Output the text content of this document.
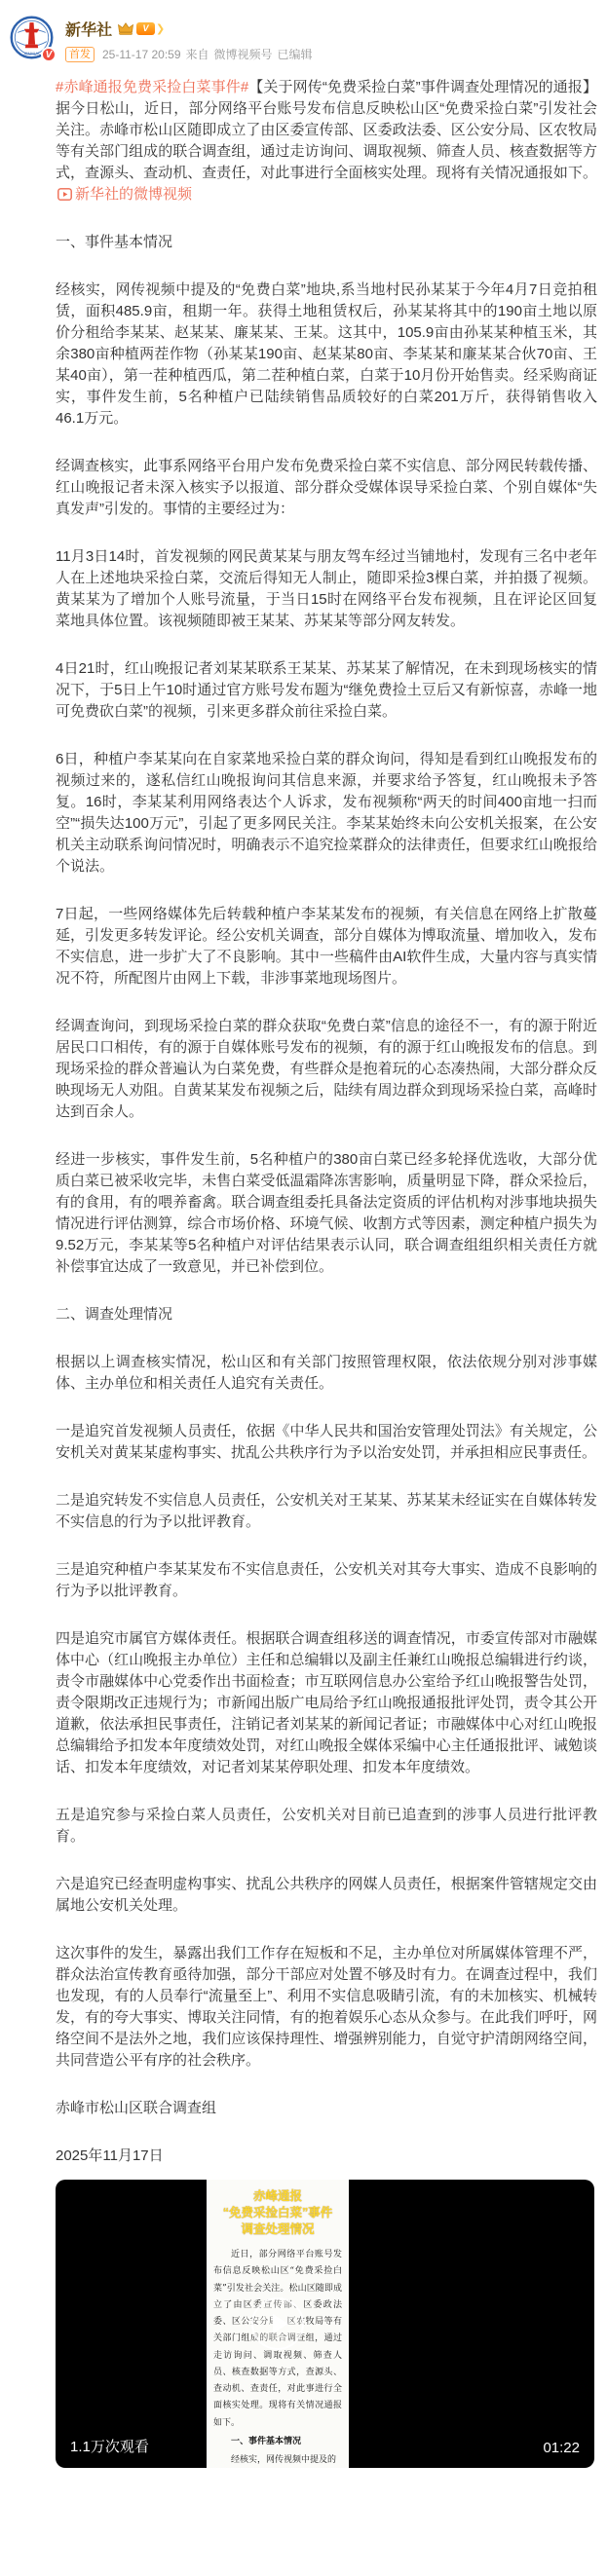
XINHUA V
新华社	V ❯
首发	25-11-17 20:59 来自 微博视频号 已编辑

#赤峰通报免费采捡白菜事件#【关于网传“免费采捡白菜”事件调查处理情况的通报】据今日松山，近日，部分网络平台账号发布信息反映松山区“免费采捡白菜”引发社会关注。赤峰市松山区随即成立了由区委宣传部、区委政法委、区公安分局、区农牧局等有关部门组成的联合调查组，通过走访询问、调取视频、筛查人员、核查数据等方式，查源头、查动机、查责任，对此事进行全面核实处理。现将有关情况通报如下。新华社的微博视频

一、事件基本情况

经核实，网传视频中提及的“免费白菜”地块,系当地村民孙某某于今年4月7日竞拍租赁，面积485.9亩，租期一年。获得土地租赁权后，孙某某将其中的190亩土地以原价分租给李某某、赵某某、廉某某、王某。这其中，105.9亩由孙某某种植玉米，其余380亩种植两茬作物（孙某某190亩、赵某某80亩、李某某和廉某某合伙70亩、王某40亩），第一茬种植西瓜，第二茬种植白菜，白菜于10月份开始售卖。经采购商证实，事件发生前，5名种植户已陆续销售品质较好的白菜201万斤，获得销售收入46.1万元。

经调查核实，此事系网络平台用户发布免费采捡白菜不实信息、部分网民转载传播、红山晚报记者未深入核实予以报道、部分群众受媒体误导采捡白菜、个别自媒体“失真发声”引发的。事情的主要经过为：

11月3日14时，首发视频的网民黄某某与朋友驾车经过当铺地村，发现有三名中老年人在上述地块采捡白菜，交流后得知无人制止，随即采捡3棵白菜，并拍摄了视频。黄某某为了增加个人账号流量，于当日15时在网络平台发布视频，且在评论区回复菜地具体位置。该视频随即被王某某、苏某某等部分网友转发。

4日21时，红山晚报记者刘某某联系王某某、苏某某了解情况，在未到现场核实的情况下，于5日上午10时通过官方账号发布题为“继免费捡土豆后又有新惊喜，赤峰一地可免费砍白菜”的视频，引来更多群众前往采捡白菜。

6日，种植户李某某向在自家菜地采捡白菜的群众询问，得知是看到红山晚报发布的视频过来的，遂私信红山晚报询问其信息来源，并要求给予答复，红山晚报未予答复。16时，李某某利用网络表达个人诉求，发布视频称“两天的时间400亩地一扫而空”“损失达100万元”，引起了更多网民关注。李某某始终未向公安机关报案，在公安机关主动联系询问情况时，明确表示不追究捡菜群众的法律责任，但要求红山晚报给个说法。

7日起，一些网络媒体先后转载种植户李某某发布的视频，有关信息在网络上扩散蔓延，引发更多转发评论。经公安机关调查，部分自媒体为博取流量、增加收入，发布不实信息，进一步扩大了不良影响。其中一些稿件由AI软件生成，大量内容与真实情况不符，所配图片由网上下载，非涉事菜地现场图片。

经调查询问，到现场采捡白菜的群众获取“免费白菜”信息的途径不一，有的源于附近居民口口相传，有的源于自媒体账号发布的视频，有的源于红山晚报发布的信息。到现场采捡的群众普遍认为白菜免费，有些群众是抱着玩的心态凑热闹，大部分群众反映现场无人劝阻。自黄某某发布视频之后，陆续有周边群众到现场采捡白菜，高峰时达到百余人。

经进一步核实，事件发生前，5名种植户的380亩白菜已经多轮择优选收，大部分优质白菜已被采收完毕，未售白菜受低温霜降冻害影响，质量明显下降，群众采捡后，有的食用，有的喂养畜禽。联合调查组委托具备法定资质的评估机构对涉事地块损失情况进行评估测算，综合市场价格、环境气候、收割方式等因素，测定种植户损失为9.52万元，李某某等5名种植户对评估结果表示认同，联合调查组组织相关责任方就补偿事宜达成了一致意见，并已补偿到位。

二、调查处理情况

根据以上调查核实情况，松山区和有关部门按照管理权限，依法依规分别对涉事媒体、主办单位和相关责任人追究有关责任。

一是追究首发视频人员责任，依据《中华人民共和国治安管理处罚法》有关规定，公安机关对黄某某虚构事实、扰乱公共秩序行为予以治安处罚，并承担相应民事责任。

二是追究转发不实信息人员责任，公安机关对王某某、苏某某未经证实在自媒体转发不实信息的行为予以批评教育。

三是追究种植户李某某发布不实信息责任，公安机关对其夸大事实、造成不良影响的行为予以批评教育。

四是追究市属官方媒体责任。根据联合调查组移送的调查情况，市委宣传部对市融媒体中心（红山晚报主办单位）主任和总编辑以及副主任兼红山晚报总编辑进行约谈，责令市融媒体中心党委作出书面检查；市互联网信息办公室给予红山晚报警告处罚，责令限期改正违规行为；市新闻出版广电局给予红山晚报通报批评处罚，责令其公开道歉，依法承担民事责任，注销记者刘某某的新闻记者证；市融媒体中心对红山晚报总编辑给予扣发本年度绩效处罚，对红山晚报全媒体采编中心主任通报批评、诫勉谈话、扣发本年度绩效，对记者刘某某停职处理、扣发本年度绩效。

五是追究参与采捡白菜人员责任，公安机关对目前已追查到的涉事人员进行批评教育。

六是追究已经查明虚构事实、扰乱公共秩序的网媒人员责任，根据案件管辖规定交由属地公安机关处理。

这次事件的发生，暴露出我们工作存在短板和不足，主办单位对所属媒体管理不严，群众法治宣传教育亟待加强，部分干部应对处置不够及时有力。在调查过程中，我们也发现，有的人员奉行“流量至上”、利用不实信息吸睛引流，有的未加核实、机械转发，有的夸大事实、博取关注同情，有的抱着娱乐心态从众参与。在此我们呼吁，网络空间不是法外之地，我们应该保持理性、增强辨别能力，自觉守护清朗网络空间，共同营造公平有序的社会秩序。

赤峰市松山区联合调查组

2025年11月17日

赤峰通报
“免费采捡白菜”事件
调查处理情况

近日，部分网络平台账号发布信息反映松山区“免费采捡白菜”引发社会关注。松山区随即成立了由区委宣传部、区委政法委、区公安分局、区农牧局等有关部门组成的联合调查组，通过走访询问、调取视频、筛查人员、核查数据等方式，查源头、查动机、查责任，对此事进行全面核实处理。现将有关情况通报如下。

一、事件基本情况

经核实，网传视频中提及的

1.1万次观看	01:22
